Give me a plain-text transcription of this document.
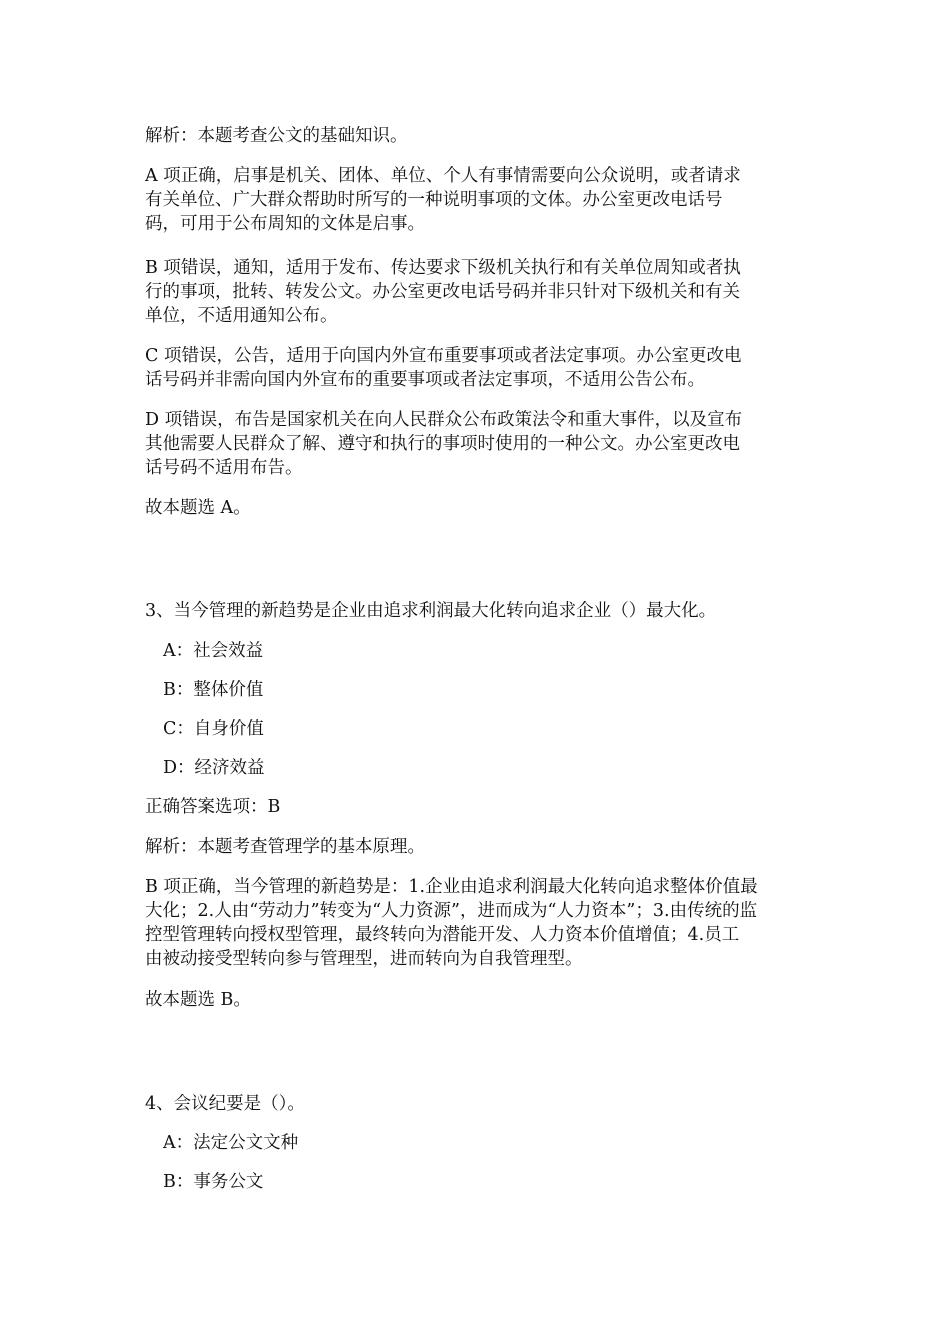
解析：本题考查公文的基础知识。

A 项正确，启事是机关、团体、单位、个人有事情需要向公众说明，或者请求
有关单位、广大群众帮助时所写的一种说明事项的文体。办公室更改电话号
码，可用于公布周知的文体是启事。

B 项错误，通知，适用于发布、传达要求下级机关执行和有关单位周知或者执
行的事项，批转、转发公文。办公室更改电话号码并非只针对下级机关和有关
单位，不适用通知公布。

C 项错误，公告，适用于向国内外宣布重要事项或者法定事项。办公室更改电
话号码并非需向国内外宣布的重要事项或者法定事项，不适用公告公布。

D 项错误，布告是国家机关在向人民群众公布政策法令和重大事件，以及宣布
其他需要人民群众了解、遵守和执行的事项时使用的一种公文。办公室更改电
话号码不适用布告。

故本题选 A。

3、当今管理的新趋势是企业由追求利润最大化转向追求企业（）最大化。

A：社会效益

B：整体价值

C：自身价值

D：经济效益

正确答案选项：B

解析：本题考查管理学的基本原理。

B 项正确，当今管理的新趋势是：1.企业由追求利润最大化转向追求整体价值最
大化；2.人由“劳动力”转变为“人力资源”，进而成为“人力资本”；3.由传统的监
控型管理转向授权型管理，最终转向为潜能开发、人力资本价值增值；4.员工
由被动接受型转向参与管理型，进而转向为自我管理型。

故本题选 B。

4、会议纪要是（）。

A：法定公文文种

B：事务公文
